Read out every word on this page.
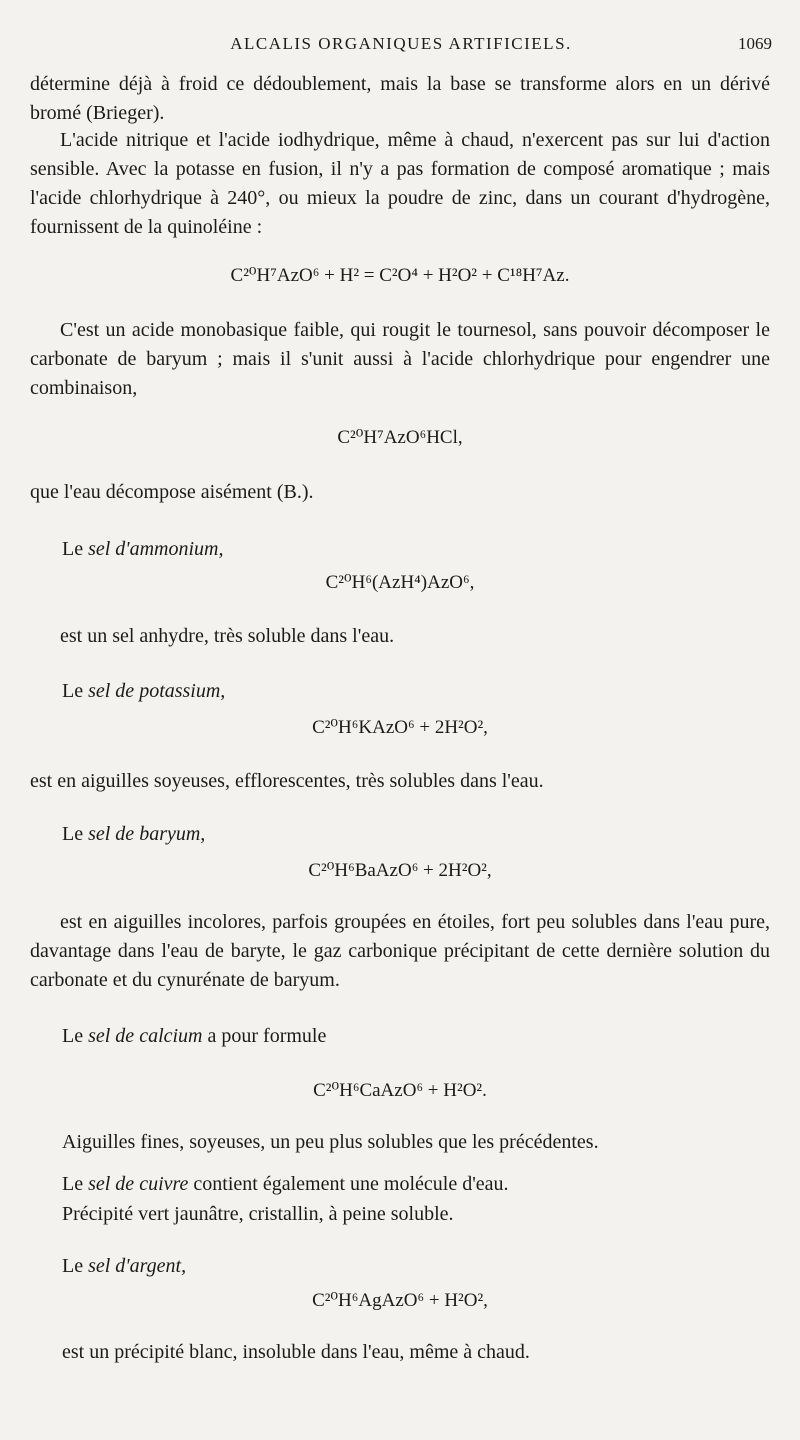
ALCALIS ORGANIQUES ARTIFICIELS.	1069

détermine déjà à froid ce dédoublement, mais la base se transforme alors en un dérivé bromé (Brieger).

L'acide nitrique et l'acide iodhydrique, même à chaud, n'exercent pas sur lui d'action sensible. Avec la potasse en fusion, il n'y a pas formation de composé aromatique ; mais l'acide chlorhydrique à 240°, ou mieux la poudre de zinc, dans un courant d'hydrogène, fournissent de la quinoléine :

C²⁰H⁷AzO⁶ + H² = C²O⁴ + H²O² + C¹⁸H⁷Az.

C'est un acide monobasique faible, qui rougit le tournesol, sans pouvoir décomposer le carbonate de baryum ; mais il s'unit aussi à l'acide chlorhydrique pour engendrer une combinaison,

C²⁰H⁷AzO⁶HCl,

que l'eau décompose aisément (B.).

Le sel d'ammonium,

C²⁰H⁶(AzH⁴)AzO⁶,

est un sel anhydre, très soluble dans l'eau.

Le sel de potassium,

C²⁰H⁶KAzO⁶ + 2H²O²,

est en aiguilles soyeuses, efflorescentes, très solubles dans l'eau.

Le sel de baryum,

C²⁰H⁶BaAzO⁶ + 2H²O²,

est en aiguilles incolores, parfois groupées en étoiles, fort peu solubles dans l'eau pure, davantage dans l'eau de baryte, le gaz carbonique précipitant de cette dernière solution du carbonate et du cynurénate de baryum.

Le sel de calcium a pour formule

C²⁰H⁶CaAzO⁶ + H²O².

Aiguilles fines, soyeuses, un peu plus solubles que les précédentes.

Le sel de cuivre contient également une molécule d'eau.

Précipité vert jaunâtre, cristallin, à peine soluble.

Le sel d'argent,

C²⁰H⁶AgAzO⁶ + H²O²,

est un précipité blanc, insoluble dans l'eau, même à chaud.
